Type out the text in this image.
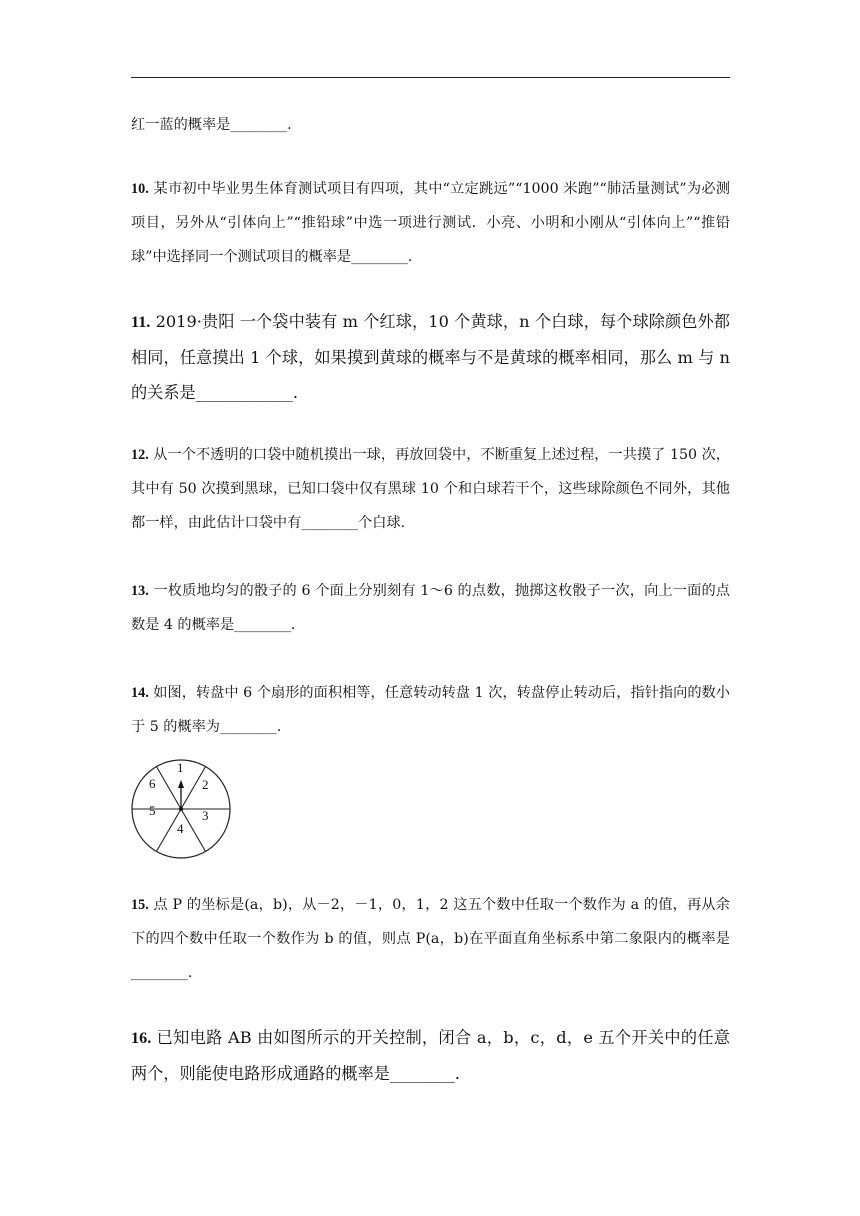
红一蓝的概率是________.

10. 某市初中毕业男生体育测试项目有四项，其中“立定跳远”“1000 米跑”“肺活量测试”为必测项目，另外从“引体向上”“推铅球”中选一项进行测试．小亮、小明和小刚从“引体向上”“推铅球”中选择同一个测试项目的概率是________.

11. 2019·贵阳 一个袋中装有 m 个红球，10 个黄球，n 个白球，每个球除颜色外都相同，任意摸出 1 个球，如果摸到黄球的概率与不是黄球的概率相同，那么 m 与 n 的关系是____________.

12. 从一个不透明的口袋中随机摸出一球，再放回袋中，不断重复上述过程，一共摸了 150 次，其中有 50 次摸到黑球，已知口袋中仅有黑球 10 个和白球若干个，这些球除颜色不同外，其他都一样，由此估计口袋中有________个白球.

13. 一枚质地均匀的骰子的 6 个面上分别刻有 1～6 的点数，抛掷这枚骰子一次，向上一面的点数是 4 的概率是________.

14. 如图，转盘中 6 个扇形的面积相等，任意转动转盘 1 次，转盘停止转动后，指针指向的数小于 5 的概率为________.

1
2
3
4
5
6

15. 点 P 的坐标是(a，b)，从－2，－1，0，1，2 这五个数中任取一个数作为 a 的值，再从余下的四个数中任取一个数作为 b 的值，则点 P(a，b)在平面直角坐标系中第二象限内的概率是________.

16. 已知电路 AB 由如图所示的开关控制，闭合 a，b，c，d，e 五个开关中的任意两个，则能使电路形成通路的概率是________.
